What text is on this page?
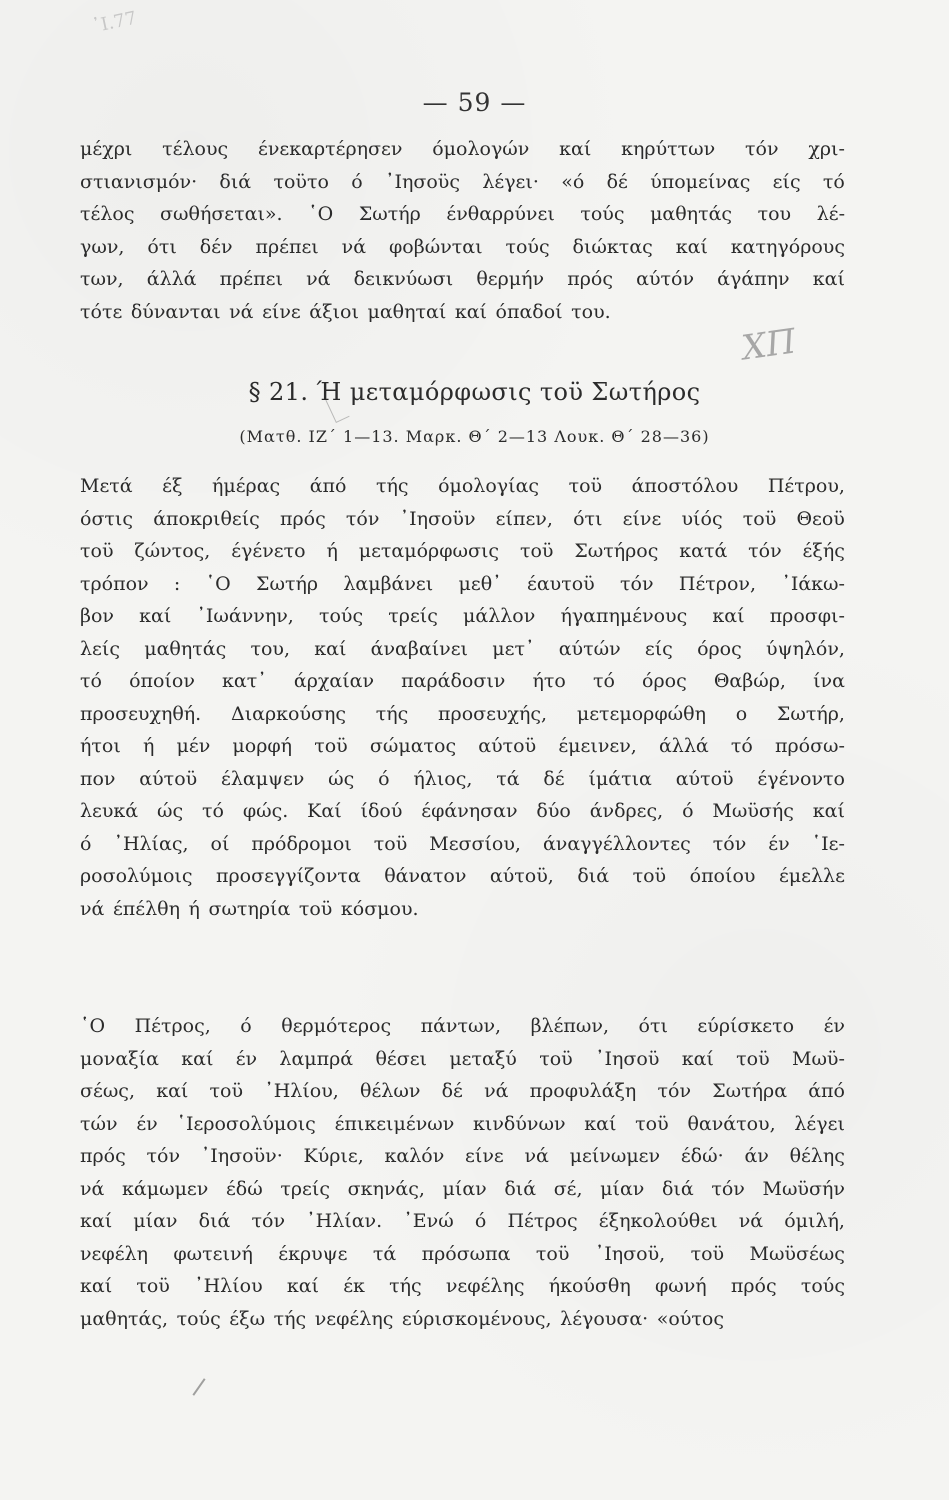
᾽Ι.77
— 59 —
μέχρι τέλους ένεκαρτέρησεν όμολογών καί κηρύττων τόν χρι-
στιανισμόν· διά τοϋτο ό ᾽Ιησοϋς λέγει· «ό δέ ύπομείνας είς τό
τέλος σωθήσεται». ῾Ο Σωτήρ ένθαρρύνει τούς μαθητάς του λέ-
γων, ότι δέν πρέπει νά φοβώνται τούς διώκτας καί κατηγόρους
των, άλλά πρέπει νά δεικνύωσι θερμήν πρός αύτόν άγάπην καί
τότε δύνανται νά είνε άξιοι μαθηταί καί όπαδοί του.
XΠ
§ 21. Ή μεταμόρφωσις τοϋ Σωτήρος
(Ματθ. ΙΖ΄ 1—13. Μαρκ. Θ΄ 2—13 Λουκ. Θ΄ 28—36)
Μετά έξ ήμέρας άπό τής όμολογίας τοϋ άποστόλου Πέτρου,
όστις άποκριθείς πρός τόν ᾽Ιησοϋν είπεν, ότι είνε υίός τοϋ Θεοϋ
τοϋ ζώντος, έγένετο ή μεταμόρφωσις τοϋ Σωτήρος κατά τόν έξής
τρόπον : ῾Ο Σωτήρ λαμβάνει μεθ᾽ έαυτοϋ τόν Πέτρον, ᾽Ιάκω-
βον καί ᾽Ιωάννην, τούς τρείς μάλλον ήγαπημένους καί προσφι-
λείς μαθητάς του, καί άναβαίνει μετ᾽ αύτών είς όρος ύψηλόν,
τό όποίον κατ᾽ άρχαίαν παράδοσιν ήτο τό όρος Θαβώρ, ίνα
προσευχηθή. Διαρκούσης τής προσευχής, μετεμορφώθη ο Σωτήρ,
ήτοι ή μέν μορφή τοϋ σώματος αύτοϋ έμεινεν, άλλά τό πρόσω-
πον αύτοϋ έλαμψεν ώς ό ήλιος, τά δέ ίμάτια αύτοϋ έγένοντο
λευκά ώς τό φώς. Καί ίδού έφάνησαν δύο άνδρες, ό Μωϋσής καί
ό ᾽Ηλίας, οί πρόδρομοι τοϋ Μεσσίου, άναγγέλλοντες τόν έν ῾Ιε-
ροσολύμοις προσεγγίζοντα θάνατον αύτοϋ, διά τοϋ όποίου έμελλε
νά έπέλθη ή σωτηρία τοϋ κόσμου.
῾Ο Πέτρος, ό θερμότερος πάντων, βλέπων, ότι εύρίσκετο έν
μοναξία καί έν λαμπρά θέσει μεταξύ τοϋ ᾽Ιησοϋ καί τοϋ Μωϋ-
σέως, καί τοϋ ᾽Ηλίου, θέλων δέ νά προφυλάξη τόν Σωτήρα άπό
τών έν ῾Ιεροσολύμοις έπικειμένων κινδύνων καί τοϋ θανάτου, λέγει
πρός τόν ᾽Ιησοϋν· Κύριε, καλόν είνε νά μείνωμεν έδώ· άν θέλης
νά κάμωμεν έδώ τρείς σκηνάς, μίαν διά σέ, μίαν διά τόν Μωϋσήν
καί μίαν διά τόν ᾽Ηλίαν. ᾽Ενώ ό Πέτρος έξηκολούθει νά όμιλή,
νεφέλη φωτεινή έκρυψε τά πρόσωπα τοϋ ᾽Ιησοϋ, τοϋ Μωϋσέως
καί τοϋ ᾽Ηλίου καί έκ τής νεφέλης ήκούσθη φωνή πρός τούς
μαθητάς, τούς έξω τής νεφέλης εύρισκομένους, λέγουσα· «ούτος
